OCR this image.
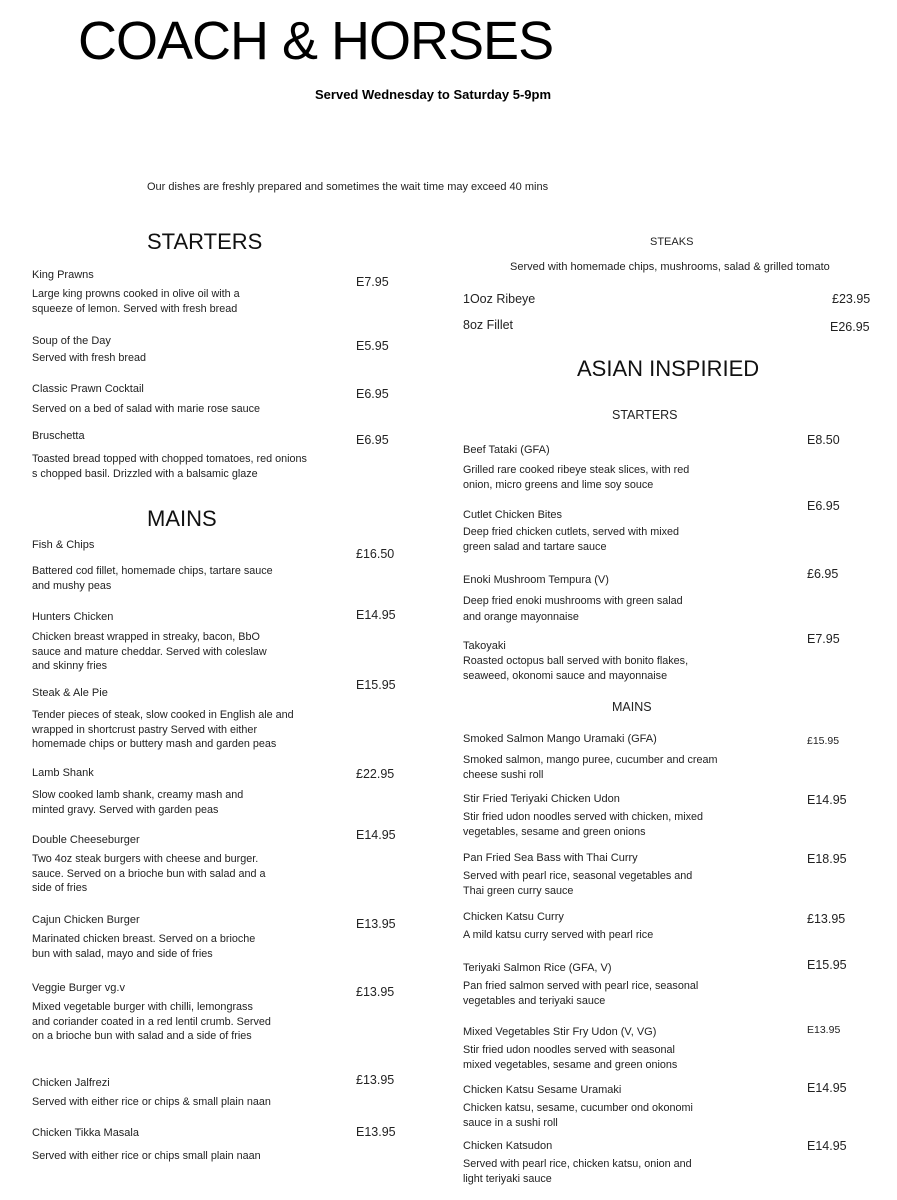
COACH & HORSES
Served Wednesday to Saturday 5-9pm
Our dishes are freshly prepared and sometimes the wait time may exceed 40 mins
STARTERS
King Prawns
Large king prowns cooked in olive oil with a squeeze of lemon. Served with fresh bread
E7.95
Soup of the Day
Served with fresh bread
E5.95
Classic Prawn Cocktail
Served on a bed of salad with marie rose sauce
E6.95
Bruschetta
Toasted bread topped with chopped tomatoes, red onions s chopped basil. Drizzled with a balsamic glaze
E6.95
MAINS
Fish & Chips
Battered cod fillet, homemade chips, tartare sauce and mushy peas
£16.50
Hunters Chicken
Chicken breast wrapped in streaky, bacon, BbO sauce and mature cheddar. Served with coleslaw and skinny fries
E14.95
Steak & Ale Pie
Tender pieces of steak, slow cooked in English ale and wrapped in shortcrust pastry Served with either homemade chips or buttery mash and garden peas
E15.95
Lamb Shank
Slow cooked lamb shank, creamy mash and minted gravy. Served with garden peas
£22.95
Double Cheeseburger
Two 4oz steak burgers with cheese and burger. sauce. Served on a brioche bun with salad and a side of fries
E14.95
Cajun Chicken Burger
Marinated chicken breast. Served on a brioche bun with salad, mayo and side of fries
E13.95
Veggie Burger vg.v
Mixed vegetable burger with chilli, lemongrass and coriander coated in a red lentil crumb. Served on a brioche bun with salad and a side of fries
£13.95
Chicken Jalfrezi
Served with either rice or chips & small plain naan
£13.95
Chicken Tikka Masala
Served with either rice or chips small plain naan
E13.95
STEAKS
Served with homemade chips, mushrooms, salad & grilled tomato
1Ooz Ribeye	£23.95
8oz Fillet	E26.95
ASIAN INSPIRIED
STARTERS
Beef Tataki (GFA)
Grilled rare cooked ribeye steak slices, with red onion, micro greens and lime soy souce
E8.50
Cutlet Chicken Bites
Deep fried chicken cutlets, served with mixed green salad and tartare sauce
E6.95
Enoki Mushroom Tempura (V)
Deep fried enoki mushrooms with green salad and orange mayonnaise
£6.95
Takoyaki
Roasted octopus ball served with bonito flakes, seaweed, okonomi sauce and mayonnaise
E7.95
MAINS
Smoked Salmon Mango Uramaki (GFA)
Smoked salmon, mango puree, cucumber and cream cheese sushi roll
£15.95
Stir Fried Teriyaki Chicken Udon
Stir fried udon noodles served with chicken, mixed vegetables, sesame and green onions
E14.95
Pan Fried Sea Bass with Thai Curry
Served with pearl rice, seasonal vegetables and Thai green curry sauce
E18.95
Chicken Katsu Curry
A mild katsu curry served with pearl rice
£13.95
Teriyaki Salmon Rice (GFA, V)
Pan fried salmon served with pearl rice, seasonal vegetables and teriyaki sauce
E15.95
Mixed Vegetables Stir Fry Udon (V, VG)
Stir fried udon noodles served with seasonal mixed vegetables, sesame and green onions
E13.95
Chicken Katsu Sesame Uramaki
Chicken katsu, sesame, cucumber ond okonomi sauce in a sushi roll
E14.95
Chicken Katsudon
Served with pearl rice, chicken katsu, onion and light teriyaki sauce
E14.95
